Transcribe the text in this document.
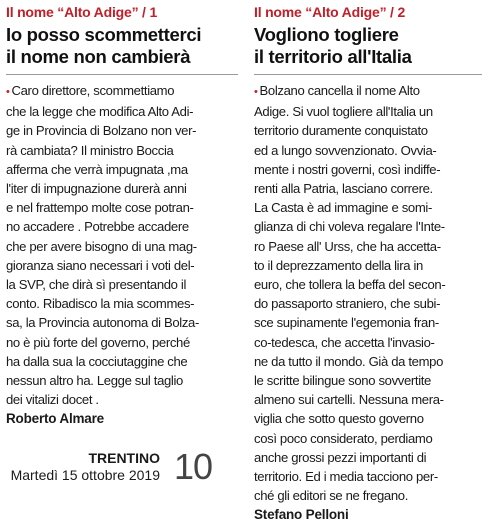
Il nome “Alto Adige” / 1
Io posso scommetterci
il nome non cambierà
• Caro direttore, scommettiamo
che la legge che modifica Alto Adi-
ge in Provincia di Bolzano non ver-
rà cambiata? Il ministro Boccia
afferma che verrà impugnata ,ma
l'iter di impugnazione durerà anni
e nel frattempo molte cose potran-
no accadere . Potrebbe accadere
che per avere bisogno di una mag-
gioranza siano necessari i voti del-
la SVP, che dirà sì presentando il
conto. Ribadisco la mia scommes-
sa, la Provincia autonoma di Bolza-
no è più forte del governo, perché
ha dalla sua la cocciutaggine che
nessun altro ha. Legge sul taglio
dei vitalizi docet .
Roberto Almare
Il nome “Alto Adige” / 2
Vogliono togliere
il territorio all'Italia
• Bolzano cancella il nome Alto
Adige. Si vuol togliere all'Italia un
territorio duramente conquistato
ed a lungo sovvenzionato. Ovvia-
mente i nostri governi, così indiffe-
renti alla Patria, lasciano correre.
La Casta è ad immagine e somi-
glianza di chi voleva regalare l'Inte-
ro Paese all' Urss, che ha accetta-
to il deprezzamento della lira in
euro, che tollera la beffa del secon-
do passaporto straniero, che subi-
sce supinamente l'egemonia fran-
co-tedesca, che accetta l'invasio-
ne da tutto il mondo. Già da tempo
le scritte bilingue sono sovvertite
almeno sui cartelli. Nessuna mera-
viglia che sotto questo governo
così poco considerato, perdiamo
anche grossi pezzi importanti di
territorio. Ed i media tacciono per-
ché gli editori se ne fregano.
Stefano Pelloni
TRENTINO
Martedì 15 ottobre 2019 10
